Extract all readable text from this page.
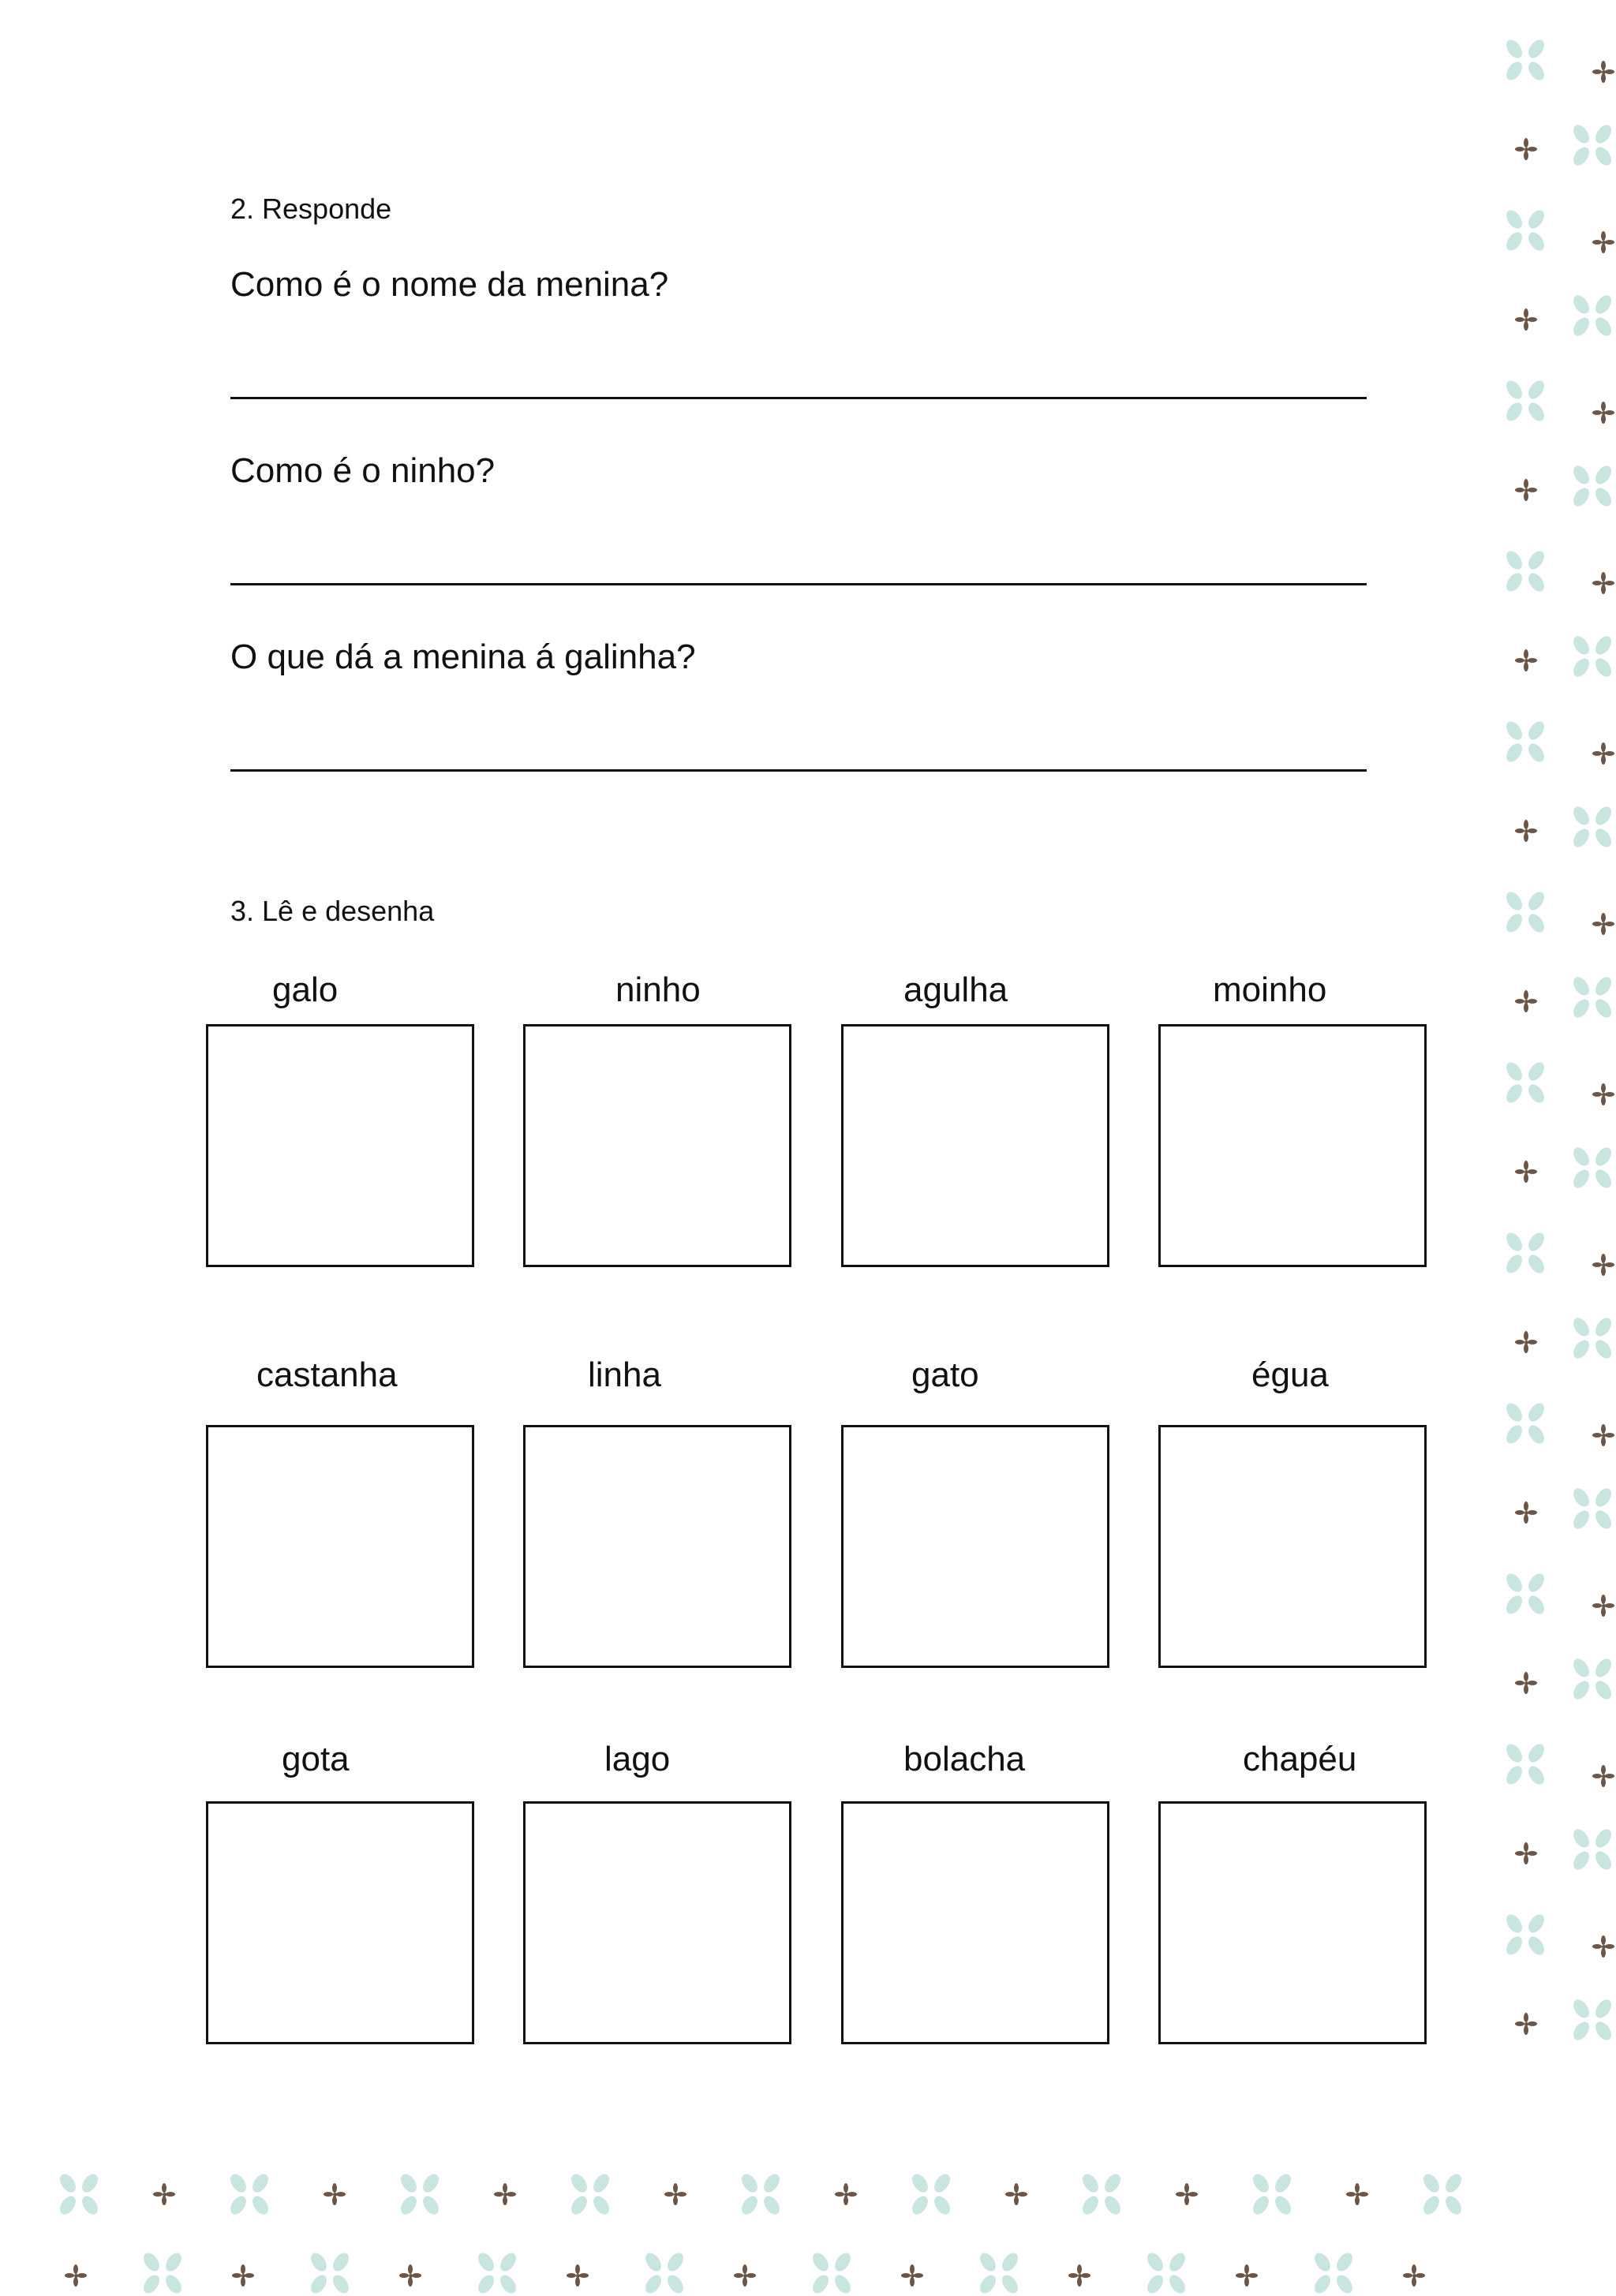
2. Responde
Como é o nome da menina?
Como é o ninho?
O que dá a menina á galinha?
3. Lê e desenha
galo	ninho	agulha	moinho
castanha	linha	gato	égua
gota	lago	bolacha	chapéu
